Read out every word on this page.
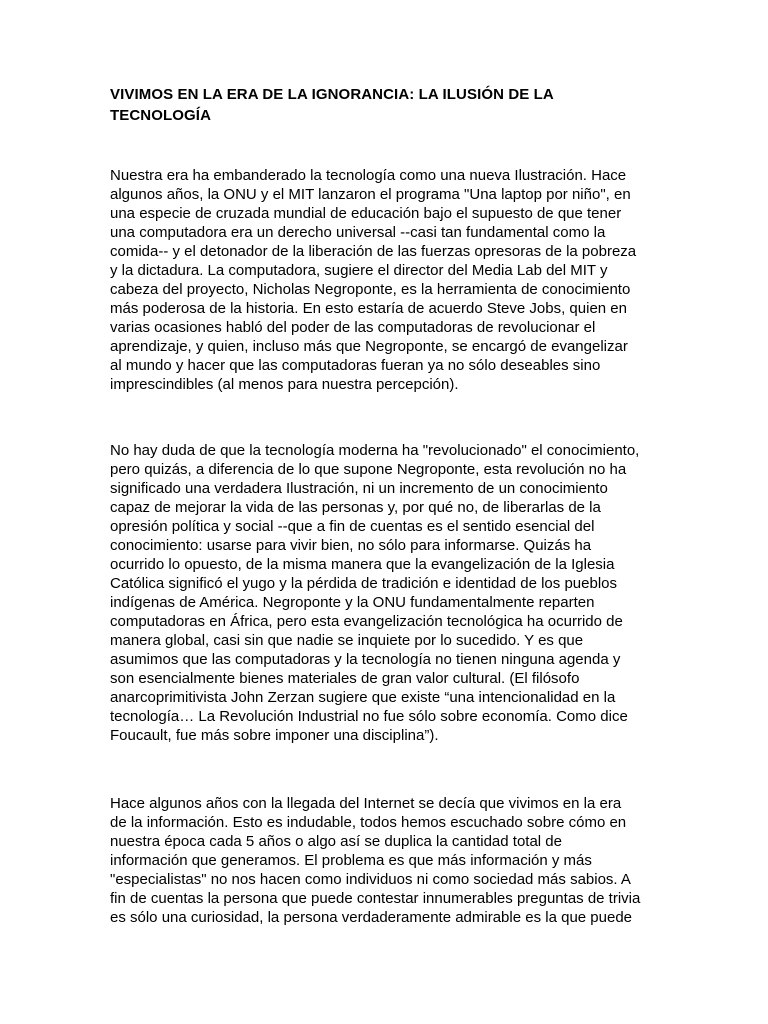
VIVIMOS EN LA ERA DE LA IGNORANCIA: LA ILUSIÓN DE LA
TECNOLOGÍA

Nuestra era ha embanderado la tecnología como una nueva Ilustración. Hace
algunos años, la ONU y el MIT lanzaron el programa "Una laptop por niño", en
una especie de cruzada mundial de educación bajo el supuesto de que tener
una computadora era un derecho universal --casi tan fundamental como la
comida-- y el detonador de la liberación de las fuerzas opresoras de la pobreza
y la dictadura. La computadora, sugiere el director del Media Lab del MIT y
cabeza del proyecto, Nicholas Negroponte, es la herramienta de conocimiento
más poderosa de la historia. En esto estaría de acuerdo Steve Jobs, quien en
varias ocasiones habló del poder de las computadoras de revolucionar el
aprendizaje, y quien, incluso más que Negroponte, se encargó de evangelizar
al mundo y hacer que las computadoras fueran ya no sólo deseables sino
imprescindibles (al menos para nuestra percepción).

No hay duda de que la tecnología moderna ha "revolucionado" el conocimiento,
pero quizás, a diferencia de lo que supone Negroponte, esta revolución no ha
significado una verdadera Ilustración, ni un incremento de un conocimiento
capaz de mejorar la vida de las personas y, por qué no, de liberarlas de la
opresión política y social --que a fin de cuentas es el sentido esencial del
conocimiento: usarse para vivir bien, no sólo para informarse. Quizás ha
ocurrido lo opuesto, de la misma manera que la evangelización de la Iglesia
Católica significó el yugo y la pérdida de tradición e identidad de los pueblos
indígenas de América. Negroponte y la ONU fundamentalmente reparten
computadoras en África, pero esta evangelización tecnológica ha ocurrido de
manera global, casi sin que nadie se inquiete por lo sucedido. Y es que
asumimos que las computadoras y la tecnología no tienen ninguna agenda y
son esencialmente bienes materiales de gran valor cultural. (El filósofo
anarcoprimitivista John Zerzan sugiere que existe “una intencionalidad en la
tecnología… La Revolución Industrial no fue sólo sobre economía. Como dice
Foucault, fue más sobre imponer una disciplina”).

Hace algunos años con la llegada del Internet se decía que vivimos en la era
de la información. Esto es indudable, todos hemos escuchado sobre cómo en
nuestra época cada 5 años o algo así se duplica la cantidad total de
información que generamos. El problema es que más información y más
"especialistas" no nos hacen como individuos ni como sociedad más sabios. A
fin de cuentas la persona que puede contestar innumerables preguntas de trivia
es sólo una curiosidad, la persona verdaderamente admirable es la que puede
